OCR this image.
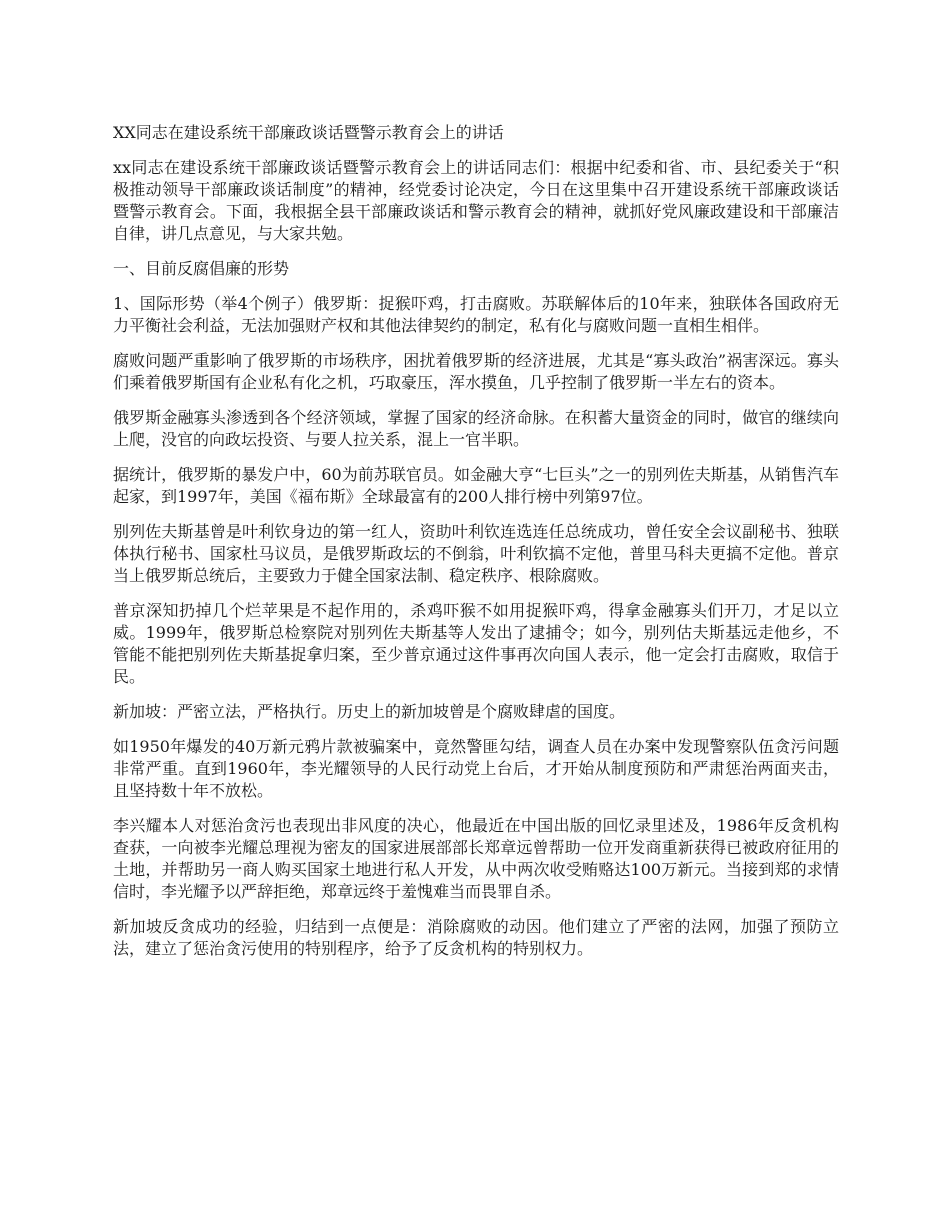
XX同志在建设系统干部廉政谈话暨警示教育会上的讲话

xx同志在建设系统干部廉政谈话暨警示教育会上的讲话同志们：根据中纪委和省、市、县纪委关于“积极推动领导干部廉政谈话制度”的精神，经党委讨论决定，今日在这里集中召开建设系统干部廉政谈话暨警示教育会。下面，我根据全县干部廉政谈话和警示教育会的精神，就抓好党风廉政建设和干部廉洁自律，讲几点意见，与大家共勉。

一、目前反腐倡廉的形势

1、国际形势（举4个例子）俄罗斯：捉猴吓鸡，打击腐败。苏联解体后的10年来，独联体各国政府无力平衡社会利益，无法加强财产权和其他法律契约的制定，私有化与腐败问题一直相生相伴。

腐败问题严重影响了俄罗斯的市场秩序，困扰着俄罗斯的经济进展，尤其是“寡头政治”祸害深远。寡头们乘着俄罗斯国有企业私有化之机，巧取豪压，浑水摸鱼，几乎控制了俄罗斯一半左右的资本。

俄罗斯金融寡头渗透到各个经济领域，掌握了国家的经济命脉。在积蓄大量资金的同时，做官的继续向上爬，没官的向政坛投资、与要人拉关系，混上一官半职。

据统计，俄罗斯的暴发户中，60为前苏联官员。如金融大亨“七巨头”之一的别列佐夫斯基，从销售汽车起家，到1997年，美国《福布斯》全球最富有的200人排行榜中列第97位。

别列佐夫斯基曾是叶利钦身边的第一红人，资助叶利钦连选连任总统成功，曾任安全会议副秘书、独联体执行秘书、国家杜马议员，是俄罗斯政坛的不倒翁，叶利钦搞不定他，普里马科夫更搞不定他。普京当上俄罗斯总统后，主要致力于健全国家法制、稳定秩序、根除腐败。

普京深知扔掉几个烂苹果是不起作用的，杀鸡吓猴不如用捉猴吓鸡，得拿金融寡头们开刀，才足以立威。1999年，俄罗斯总检察院对别列佐夫斯基等人发出了逮捕令；如今，别列估夫斯基远走他乡，不管能不能把别列佐夫斯基捉拿归案，至少普京通过这件事再次向国人表示，他一定会打击腐败，取信于民。

新加坡：严密立法，严格执行。历史上的新加坡曾是个腐败肆虐的国度。

如1950年爆发的40万新元鸦片款被骗案中，竟然警匪勾结，调查人员在办案中发现警察队伍贪污问题非常严重。直到1960年，李光耀领导的人民行动党上台后，才开始从制度预防和严肃惩治两面夹击，且坚持数十年不放松。

李兴耀本人对惩治贪污也表现出非风度的决心，他最近在中国出版的回忆录里述及，1986年反贪机构查获，一向被李光耀总理视为密友的国家进展部部长郑章远曾帮助一位开发商重新获得已被政府征用的土地，并帮助另一商人购买国家土地进行私人开发，从中两次收受贿赂达100万新元。当接到郑的求情信时，李光耀予以严辞拒绝，郑章远终于羞愧难当而畏罪自杀。

新加坡反贪成功的经验，归结到一点便是：消除腐败的动因。他们建立了严密的法网，加强了预防立法，建立了惩治贪污使用的特别程序，给予了反贪机构的特别权力。
